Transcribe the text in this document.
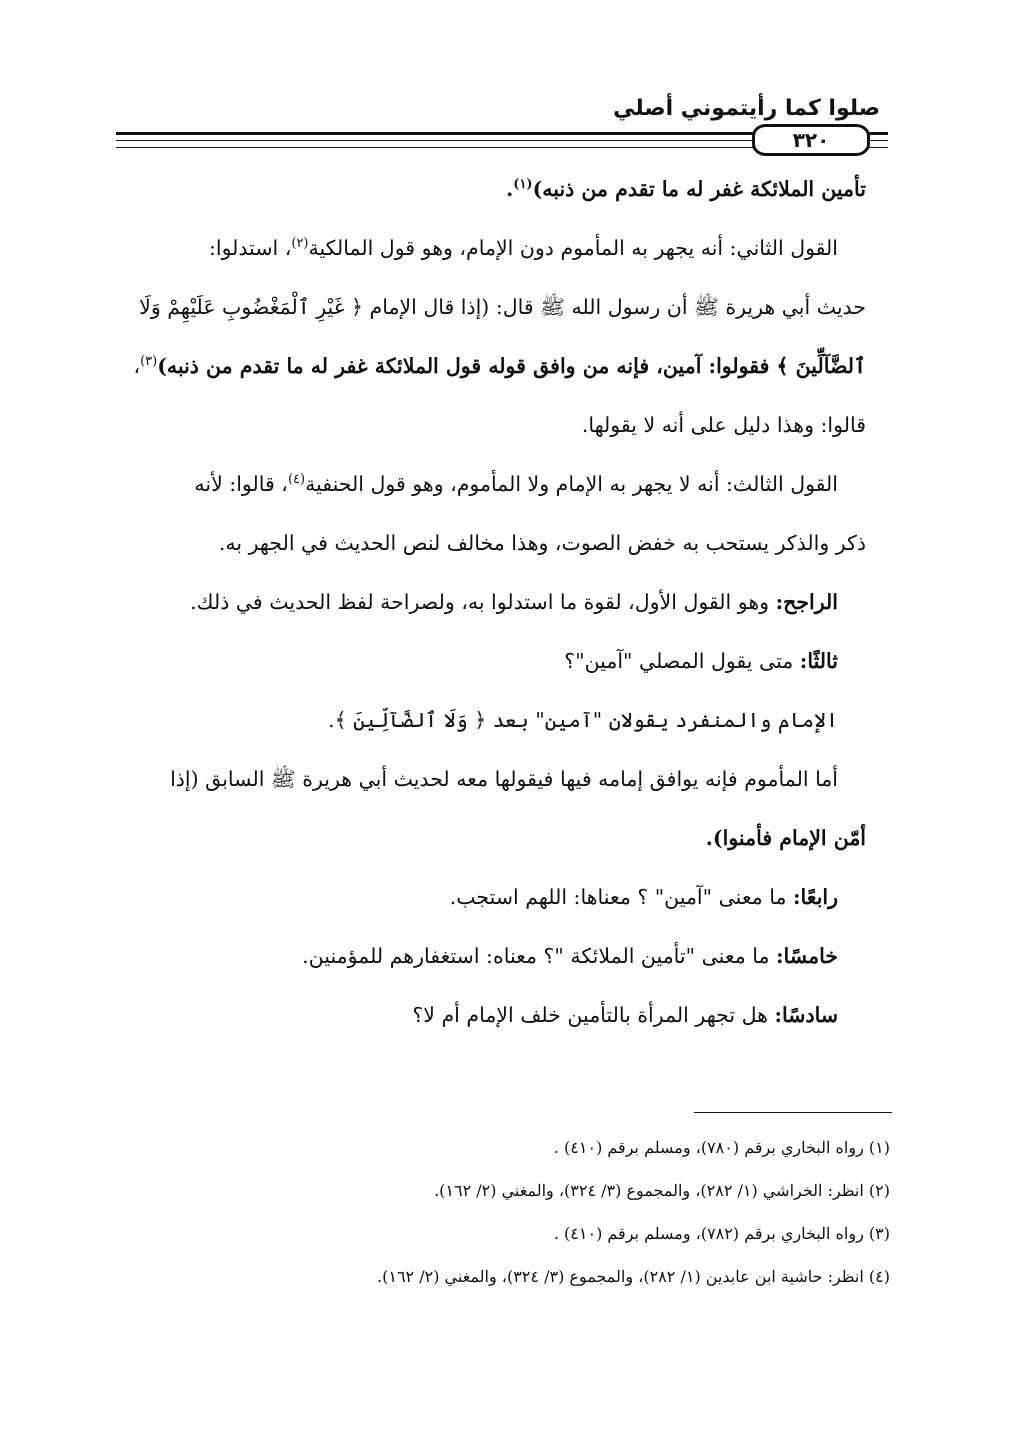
صلوا كما رأيتموني أصلي
٣٢٠

تأمين الملائكة غفر له ما تقدم من ذنبه)$^{(١)}$.

القول الثاني: أنه يجهر به المأموم دون الإمام، وهو قول المالكية$^{(٢)}$، استدلوا:
حديث أبي هريرة ﷺ أن رسول الله ﷺ قال: (إذا قال الإمام ﴿ غَيْرِ ٱلْمَغْضُوبِ عَلَيْهِمْ وَلَا
ٱلضَّآلِّينَ ﴾ فقولوا: آمين، فإنه من وافق قوله قول الملائكة غفر له ما تقدم من ذنبه)$^{(٣)}$،
قالوا: وهذا دليل على أنه لا يقولها.

القول الثالث: أنه لا يجهر به الإمام ولا المأموم، وهو قول الحنفية$^{(٤)}$، قالوا: لأنه
ذكر والذكر يستحب به خفض الصوت، وهذا مخالف لنص الحديث في الجهر به.

الراجح: وهو القول الأول، لقوة ما استدلوا به، ولصراحة لفظ الحديث في ذلك.

ثالثًا: متى يقول المصلي "آمين"؟

الإمام والمنفرد يقولان "آمين" بعد ﴿ وَلَا ٱلضَّآلِّينَ ﴾.

أما المأموم فإنه يوافق إمامه فيها فيقولها معه لحديث أبي هريرة ﷺ السابق (إذا
أمّن الإمام فأمنوا).

رابعًا: ما معنى "آمين" ؟ معناها: اللهم استجب.

خامسًا: ما معنى "تأمين الملائكة "؟ معناه: استغفارهم للمؤمنين.

سادسًا: هل تجهر المرأة بالتأمين خلف الإمام أم لا؟

(١) رواه البخاري برقم (٧٨٠)، ومسلم برقم (٤١٠) .
(٢) انظر: الخراشي (١/ ٢٨٢)، والمجموع (٣/ ٣٢٤)، والمغني (٢/ ١٦٢).
(٣) رواه البخاري برقم (٧٨٢)، ومسلم برقم (٤١٠) .
(٤) انظر: حاشية ابن عابدين (١/ ٢٨٢)، والمجموع (٣/ ٣٢٤)، والمغني (٢/ ١٦٢).
